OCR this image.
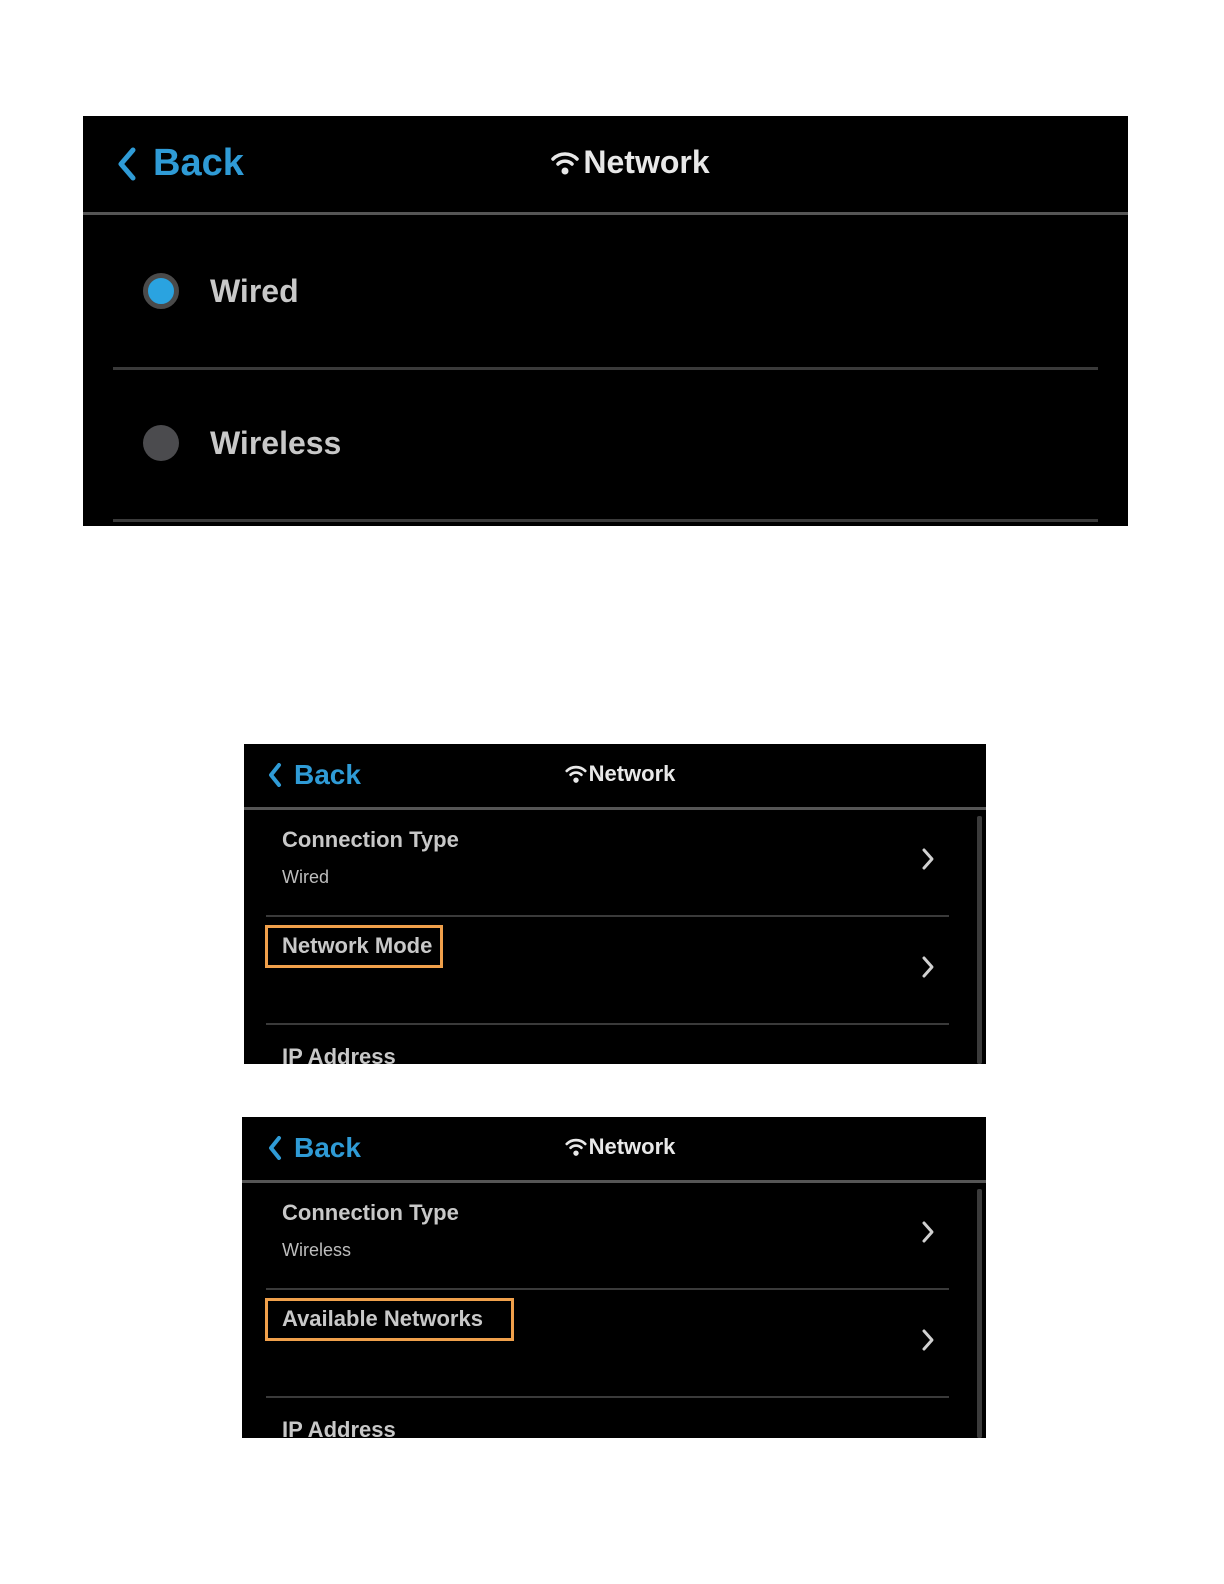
Back	Network
Wired
Wireless
Back	Network
Connection Type
Wired
Network Mode
IP Address
Back	Network
Connection Type
Wireless
Available Networks
IP Address
